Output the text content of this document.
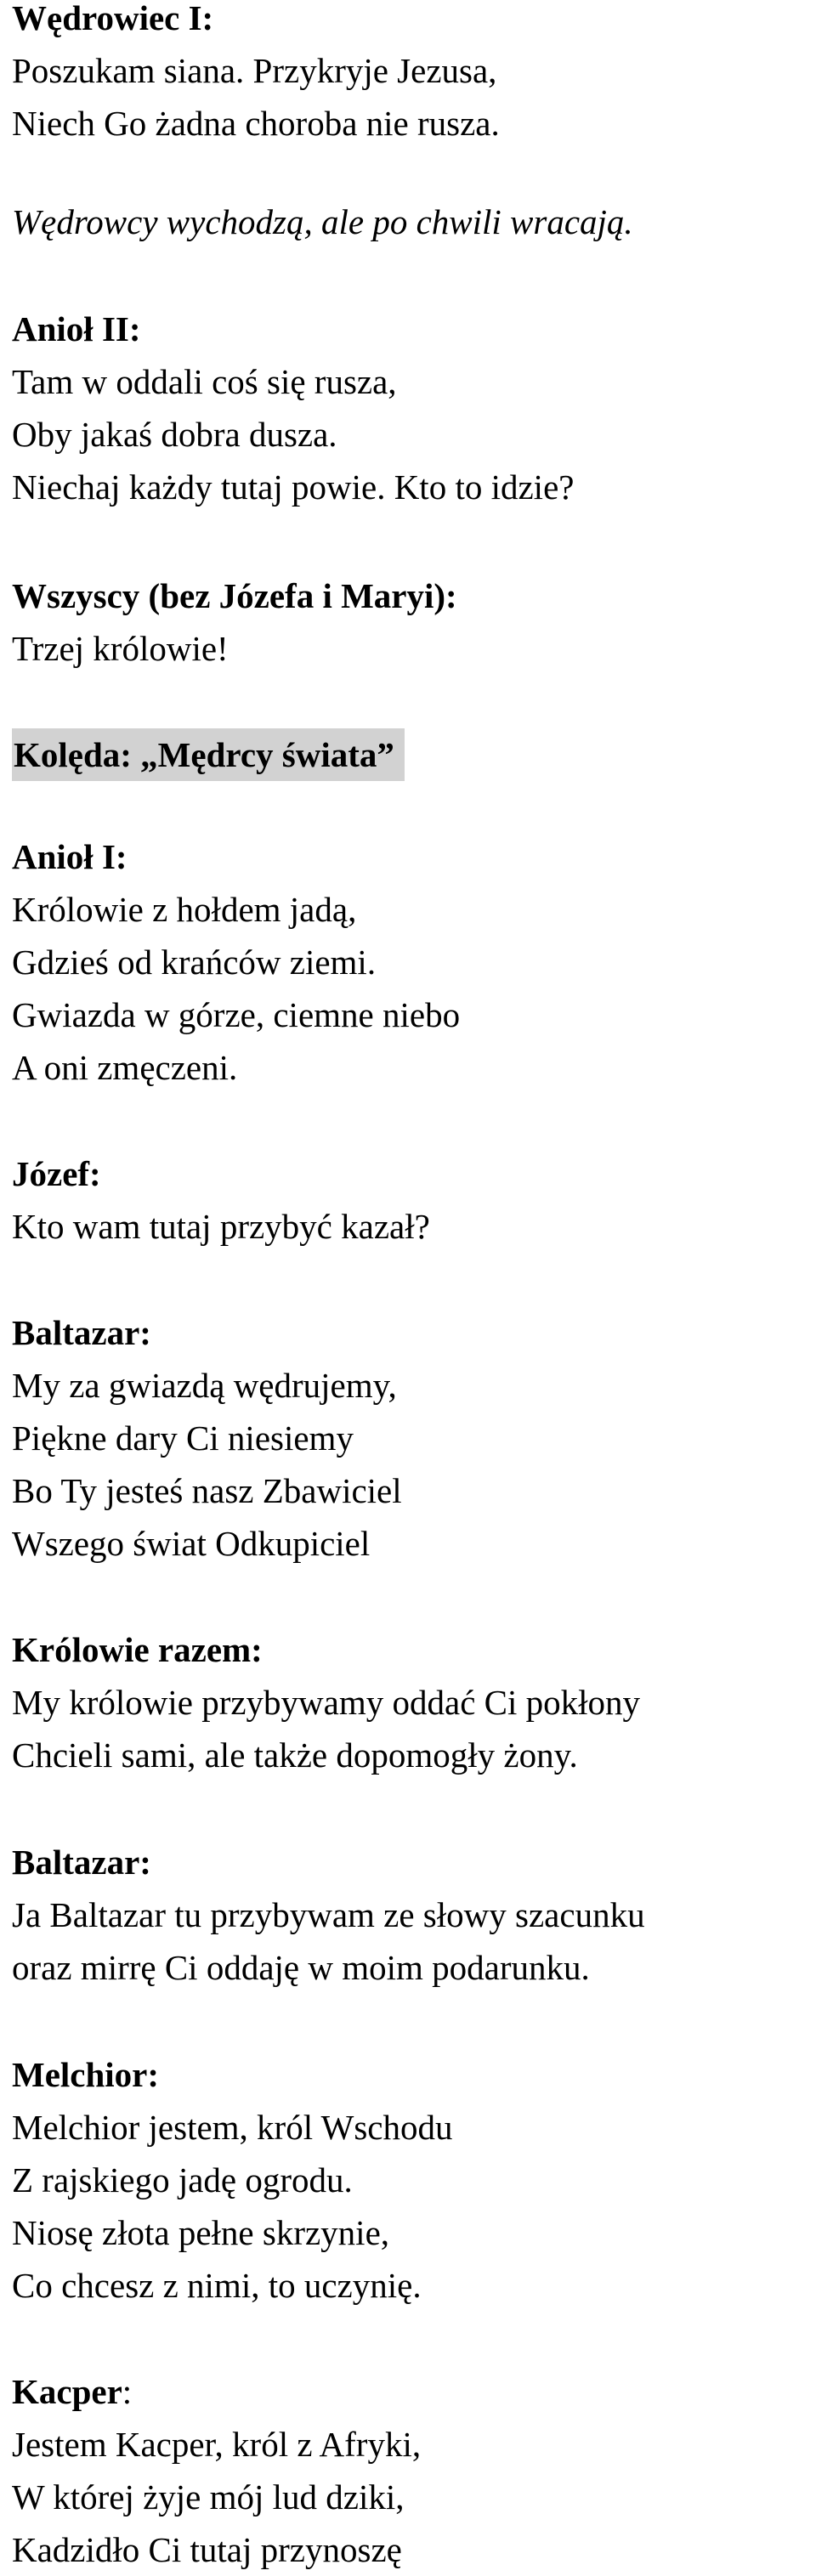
Wędrowiec I:
Poszukam siana. Przykryje Jezusa,
Niech Go żadna choroba nie rusza.
Wędrowcy wychodzą, ale po chwili wracają.
Anioł II:
Tam w oddali coś się rusza,
Oby jakaś dobra dusza.
Niechaj każdy tutaj powie. Kto to idzie?
Wszyscy (bez Józefa i Maryi):
Trzej królowie!
Kolęda: „Mędrcy świata”
Anioł I:
Królowie z hołdem jadą,
Gdzieś od krańców ziemi.
Gwiazda w górze, ciemne niebo
A oni zmęczeni.
Józef:
Kto wam tutaj przybyć kazał?
Baltazar:
My za gwiazdą wędrujemy,
Piękne dary Ci niesiemy
Bo Ty jesteś nasz Zbawiciel
Wszego świat Odkupiciel
Królowie razem:
My królowie przybywamy oddać Ci pokłony
Chcieli sami, ale także dopomogły żony.
Baltazar:
Ja Baltazar tu przybywam ze słowy szacunku
oraz mirrę Ci oddaję w moim podarunku.
Melchior:
Melchior jestem, król Wschodu
Z rajskiego jadę ogrodu.
Niosę złota pełne skrzynie,
Co chcesz z nimi, to uczynię.
Kacper:
Jestem Kacper, król z Afryki,
W której żyje mój lud dziki,
Kadzidło Ci tutaj przynoszę
